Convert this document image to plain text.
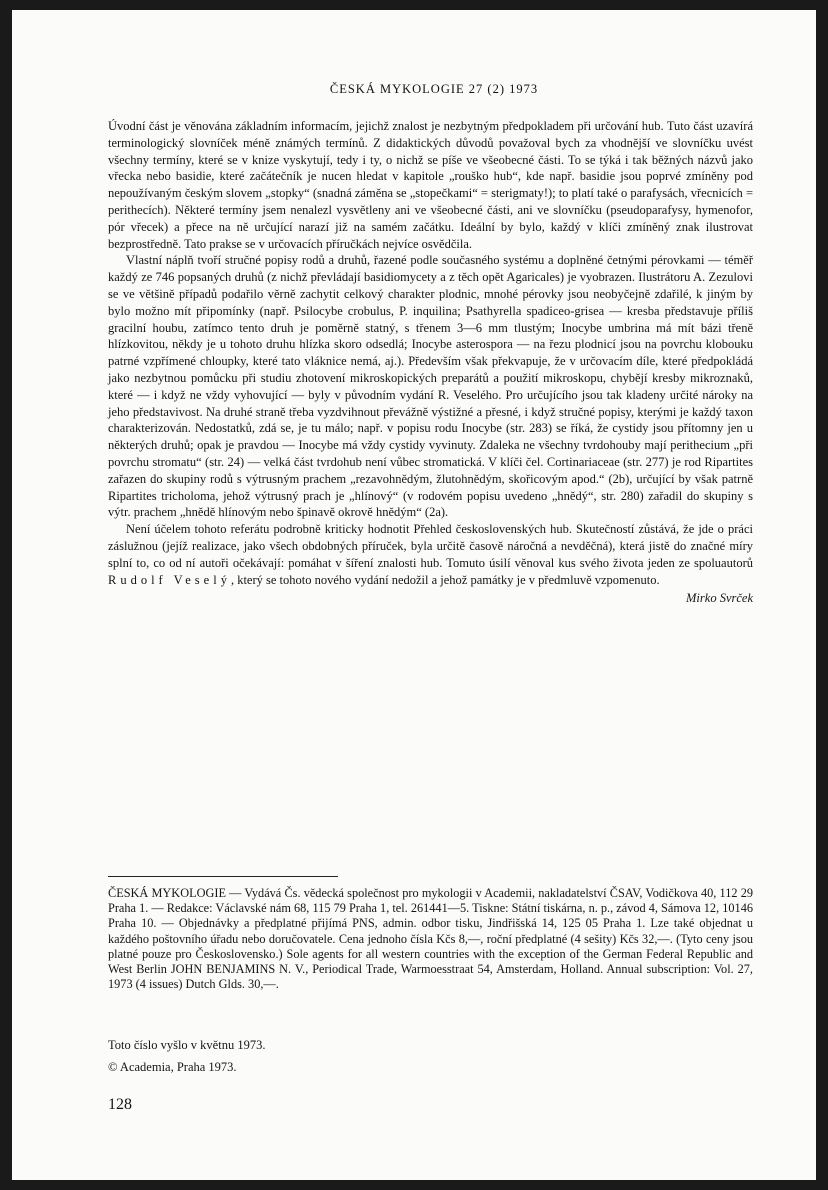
ČESKÁ MYKOLOGIE 27 (2) 1973

Úvodní část je věnována základním informacím, jejichž znalost je nezbytným předpokladem při určování hub. Tuto část uzavírá terminologický slovníček méně známých termínů. Z didaktických důvodů považoval bych za vhodnější ve slovníčku uvést všechny termíny, které se v knize vyskytují, tedy i ty, o nichž se píše ve všeobecné části. To se týká i tak běžných názvů jako vřecka nebo basidie, které začátečník je nucen hledat v kapitole „rouško hub“, kde např. basidie jsou poprvé zmíněny pod nepoužívaným českým slovem „stopky“ (snadná záměna se „stopečkami“ = sterigmaty!); to platí také o parafysách, vřecnicích = perithecích). Některé termíny jsem nenalezl vysvětleny ani ve všeobecné části, ani ve slovníčku (pseudoparafysy, hymenofor, pór vřecek) a přece na ně určující narazí již na samém začátku. Ideální by bylo, každý v klíči zmíněný znak ilustrovat bezprostředně. Tato prakse se v určovacích příručkách nejvíce osvědčila.

Vlastní náplň tvoří stručné popisy rodů a druhů, řazené podle současného systému a doplněné četnými pérovkami — téměř každý ze 746 popsaných druhů (z nichž převládají basidiomycety a z těch opět Agaricales) je vyobrazen. Ilustrátoru A. Zezulovi se ve většině případů podařilo věrně zachytit celkový charakter plodnic, mnohé pérovky jsou neobyčejně zdařilé, k jiným by bylo možno mít připomínky (např. Psilocybe crobulus, P. inquilina; Psathyrella spadiceo-grisea — kresba představuje příliš gracilní houbu, zatímco tento druh je poměrně statný, s třenem 3—6 mm tlustým; Inocybe umbrina má mít bázi třeně hlízkovitou, někdy je u tohoto druhu hlízka skoro odsedlá; Inocybe asterospora — na řezu plodnicí jsou na povrchu klobouku patrné vzpřímené chloupky, které tato vláknice nemá, aj.). Především však překvapuje, že v určovacím díle, které předpokládá jako nezbytnou pomůcku při studiu zhotovení mikroskopických preparátů a použití mikroskopu, chybějí kresby mikroznaků, které — i když ne vždy vyhovující — byly v původním vydání R. Veselého. Pro určujícího jsou tak kladeny určité nároky na jeho představivost. Na druhé straně třeba vyzdvihnout převážně výstižné a přesné, i když stručné popisy, kterými je každý taxon charakterizován. Nedostatků, zdá se, je tu málo; např. v popisu rodu Inocybe (str. 283) se říká, že cystidy jsou přítomny jen u některých druhů; opak je pravdou — Inocybe má vždy cystidy vyvinuty. Zdaleka ne všechny tvrdohouby mají perithecium „při povrchu stromatu“ (str. 24) — velká část tvrdohub není vůbec stromatická. V klíči čel. Cortinariaceae (str. 277) je rod Ripartites zařazen do skupiny rodů s výtrusným prachem „rezavohnědým, žlutohnědým, skořicovým apod.“ (2b), určující by však patrně Ripartites tricholoma, jehož výtrusný prach je „hlínový“ (v rodovém popisu uvedeno „hnědý“, str. 280) zařadil do skupiny s výtr. prachem „hnědě hlínovým nebo špinavě okrově hnědým“ (2a).

Není účelem tohoto referátu podrobně kriticky hodnotit Přehled československých hub. Skutečností zůstává, že jde o práci záslužnou (jejíž realizace, jako všech obdobných příruček, byla určitě časově náročná a nevděčná), která jistě do značné míry splní to, co od ní autoři očekávají: pomáhat v šíření znalosti hub. Tomuto úsilí věnoval kus svého života jeden ze spoluautorů Rudolf Veselý, který se tohoto nového vydání nedožil a jehož památky je v předmluvě vzpomenuto.

Mirko Svrček
ČESKÁ MYKOLOGIE — Vydává Čs. vědecká společnost pro mykologii v Academii, nakladatelství ČSAV, Vodičkova 40, 112 29 Praha 1. — Redakce: Václavské nám 68, 115 79 Praha 1, tel. 261441—5. Tiskne: Státní tiskárna, n. p., závod 4, Sámova 12, 10146 Praha 10. — Objednávky a předplatné přijímá PNS, admin. odbor tisku, Jindřišská 14, 125 05 Praha 1. Lze také objednat u každého poštovního úřadu nebo doručovatele. Cena jednoho čísla Kčs 8,—, roční předplatné (4 sešity) Kčs 32,—. (Tyto ceny jsou platné pouze pro Československo.) Sole agents for all western countries with the exception of the German Federal Republic and West Berlin JOHN BENJAMINS N. V., Periodical Trade, Warmoesstraat 54, Amsterdam, Holland. Annual subscription: Vol. 27, 1973 (4 issues) Dutch Glds. 30,—.
Toto číslo vyšlo v květnu 1973.
© Academia, Praha 1973.
128
